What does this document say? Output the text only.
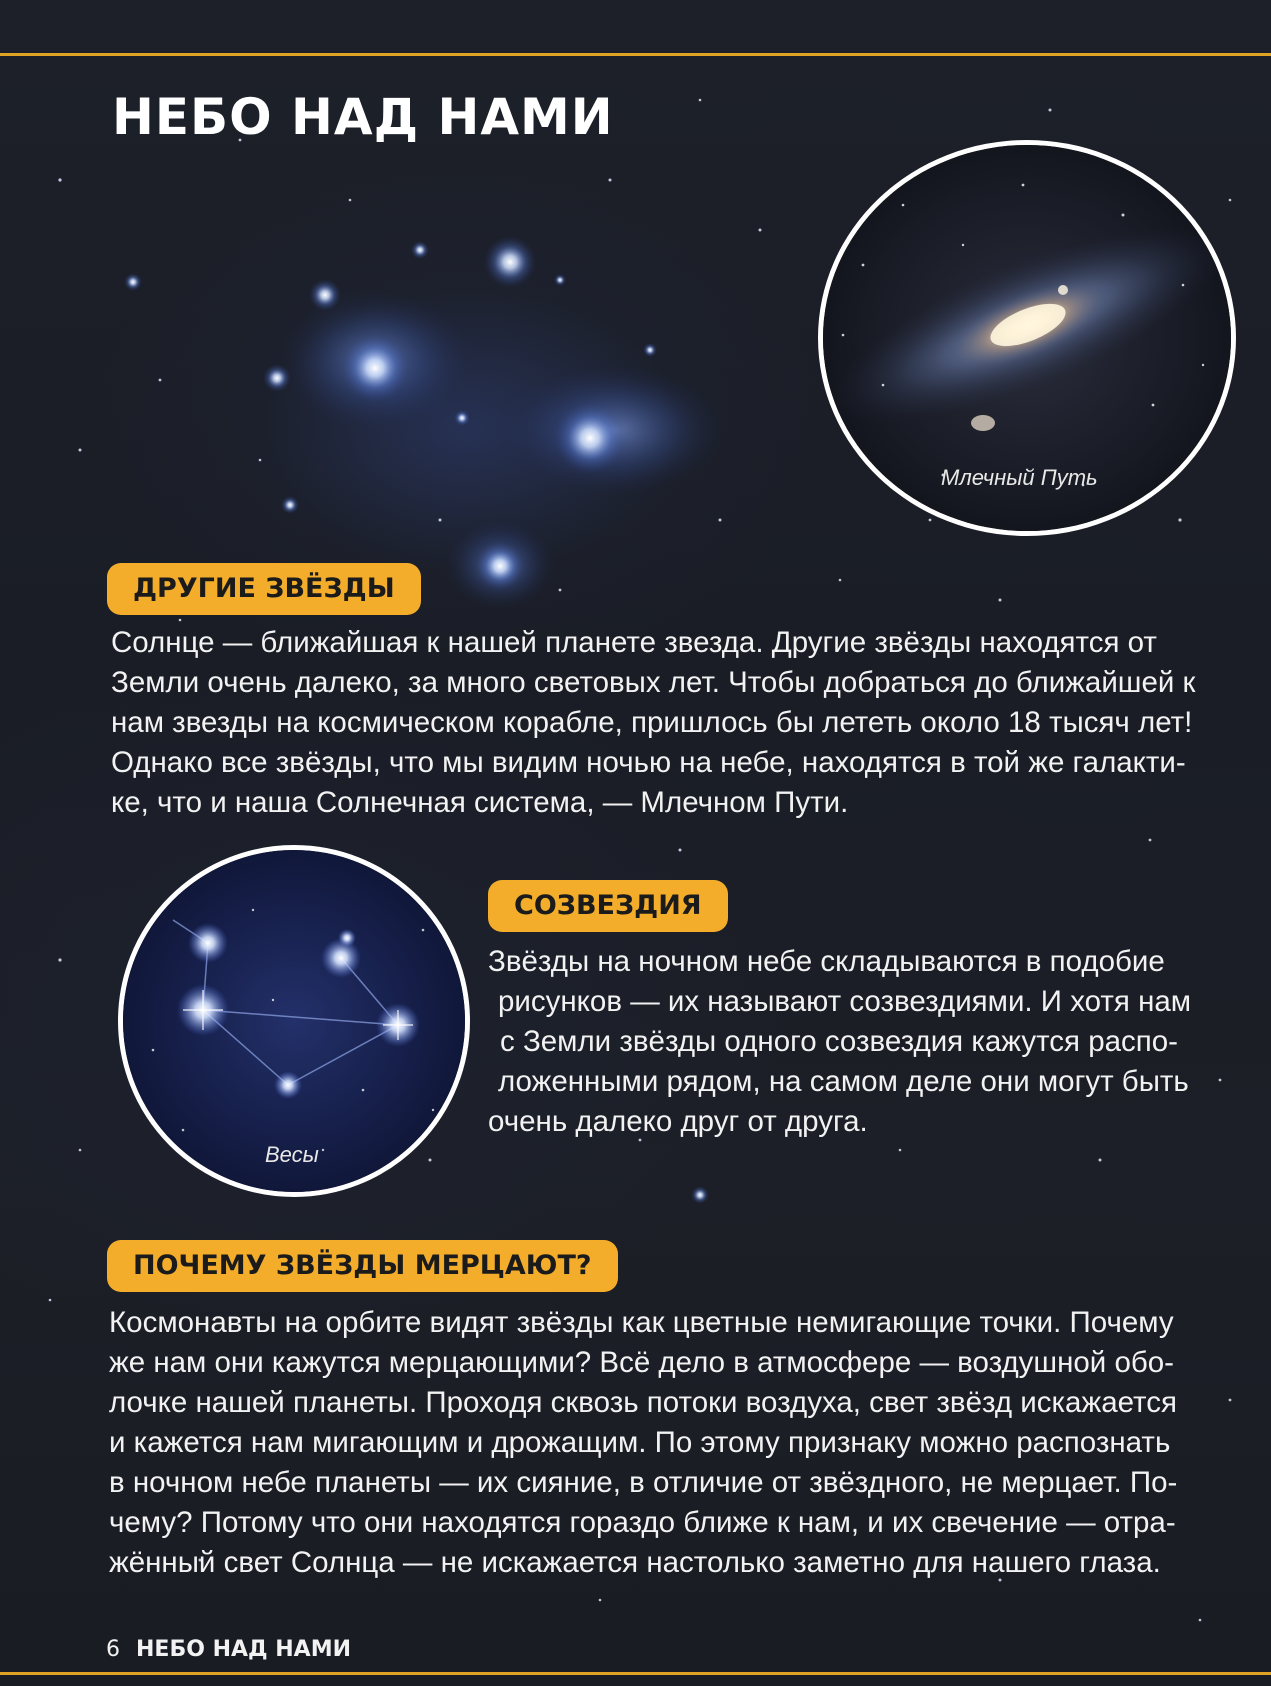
НЕБО НАД НАМИ
Млечный Путь
ДРУГИЕ ЗВЁЗДЫ
Солнце — ближайшая к нашей планете звезда. Другие звёзды находятся от
Земли очень далеко, за много световых лет. Чтобы добраться до ближайшей к
нам звезды на космическом корабле, пришлось бы лететь около 18 тысяч лет!
Однако все звёзды, что мы видим ночью на небе, находятся в той же галакти-
ке, что и наша Солнечная система, — Млечном Пути.
Весы
СОЗВЕЗДИЯ
Звёзды на ночном небе складываются в подобие
рисунков — их называют созвездиями. И хотя нам
с Земли звёзды одного созвездия кажутся распо-
ложенными рядом, на самом деле они могут быть
очень далеко друг от друга.
ПОЧЕМУ ЗВЁЗДЫ МЕРЦАЮТ?
Космонавты на орбите видят звёзды как цветные немигающие точки. Почему
же нам они кажутся мерцающими? Всё дело в атмосфере — воздушной обо-
лочке нашей планеты. Проходя сквозь потоки воздуха, свет звёзд искажается
и кажется нам мигающим и дрожащим. По этому признаку можно распознать
в ночном небе планеты — их сияние, в отличие от звёздного, не мерцает. По-
чему? Потому что они находятся гораздо ближе к нам, и их свечение — отра-
жённый свет Солнца — не искажается настолько заметно для нашего глаза.
6 НЕБО НАД НАМИ
